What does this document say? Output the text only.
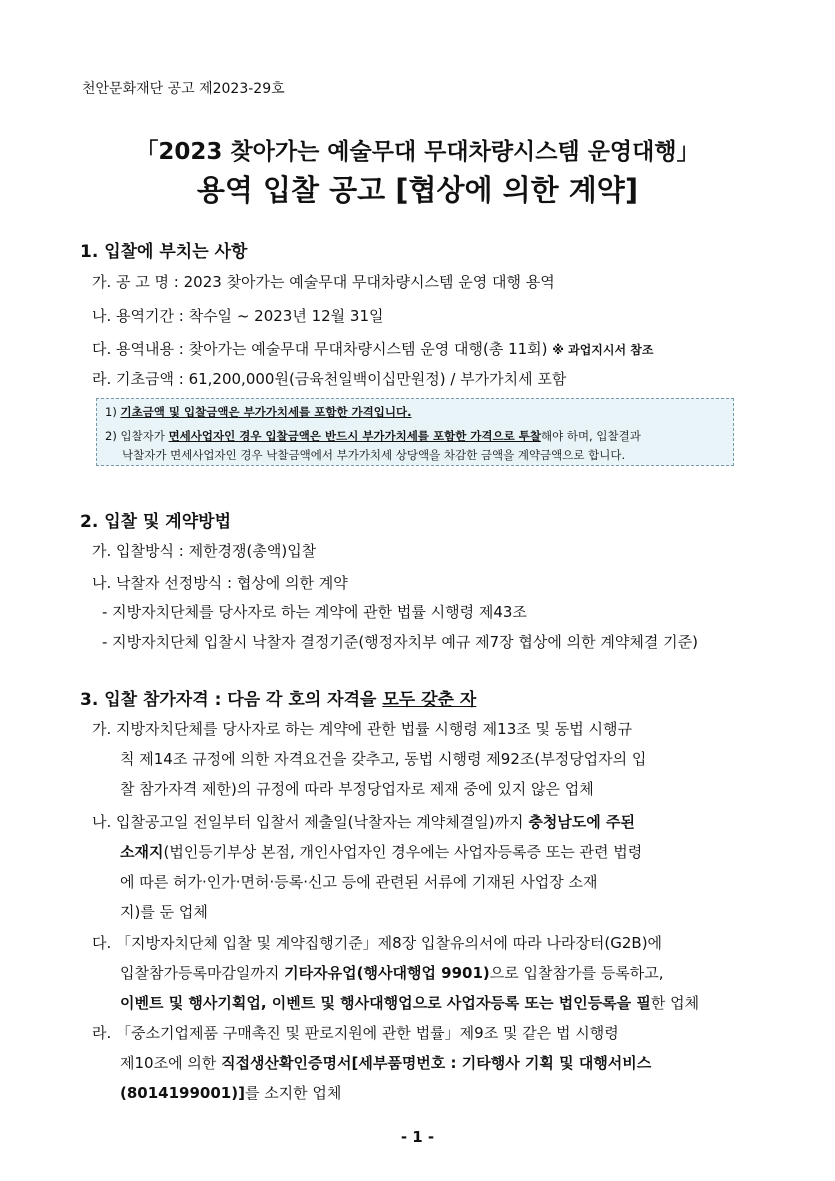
천안문화재단 공고 제2023-29호
「2023 찾아가는 예술무대 무대차량시스템 운영대행」
용역 입찰 공고 [협상에 의한 계약]
1. 입찰에 부치는 사항
가. 공 고 명 : 2023 찾아가는 예술무대 무대차량시스템 운영 대행 용역
나. 용역기간 : 착수일 ~ 2023년 12월 31일
다. 용역내용 : 찾아가는 예술무대 무대차량시스템 운영 대행(총 11회) ※ 과업지시서 참조
라. 기초금액 : 61,200,000원(금육천일백이십만원정) / 부가가치세 포함
1) 기초금액 및 입찰금액은 부가가치세를 포함한 가격입니다.
2) 입찰자가 면세사업자인 경우 입찰금액은 반드시 부가가치세를 포함한 가격으로 투찰해야 하며, 입찰결과
낙찰자가 면세사업자인 경우 낙찰금액에서 부가가치세 상당액을 차감한 금액을 계약금액으로 합니다.
2. 입찰 및 계약방법
가. 입찰방식 : 제한경쟁(총액)입찰
나. 낙찰자 선정방식 : 협상에 의한 계약
- 지방자치단체를 당사자로 하는 계약에 관한 법률 시행령 제43조
- 지방자치단체 입찰시 낙찰자 결정기준(행정자치부 예규 제7장 협상에 의한 계약체결 기준)
3. 입찰 참가자격 : 다음 각 호의 자격을 모두 갖춘 자
가. 지방자치단체를 당사자로 하는 계약에 관한 법률 시행령 제13조 및 동법 시행규
칙 제14조 규정에 의한 자격요건을 갖추고, 동법 시행령 제92조(부정당업자의 입
찰 참가자격 제한)의 규정에 따라 부정당업자로 제재 중에 있지 않은 업체
나. 입찰공고일 전일부터 입찰서 제출일(낙찰자는 계약체결일)까지 충청남도에 주된
소재지(법인등기부상 본점, 개인사업자인 경우에는 사업자등록증 또는 관련 법령
에 따른 허가·인가·면허·등록·신고 등에 관련된 서류에 기재된 사업장 소재
지)를 둔 업체
다. 「지방자치단체 입찰 및 계약집행기준」제8장 입찰유의서에 따라 나라장터(G2B)에
입찰참가등록마감일까지 기타자유업(행사대행업 9901)으로 입찰참가를 등록하고,
이벤트 및 행사기획업, 이벤트 및 행사대행업으로 사업자등록 또는 법인등록을 필한 업체
라. 「중소기업제품 구매촉진 및 판로지원에 관한 법률」제9조 및 같은 법 시행령
제10조에 의한 직접생산확인증명서[세부품명번호 : 기타행사 기획 및 대행서비스
(8014199001)]를 소지한 업체
- 1 -
